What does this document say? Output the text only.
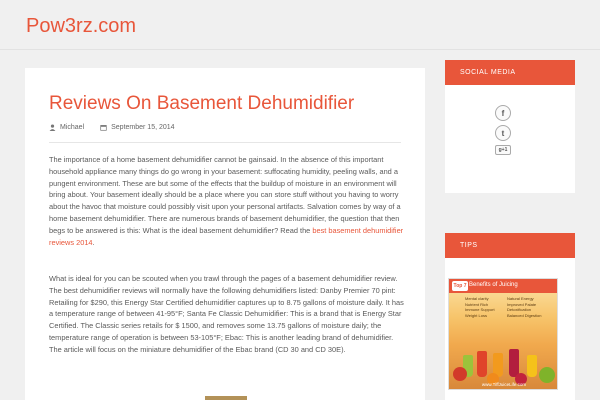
Pow3rz.com
Reviews On Basement Dehumidifier
Michael	September 15, 2014

The importance of a home basement dehumidifier cannot be gainsaid. In the absence of this important household appliance many things do go wrong in your basement: suffocating humidity, peeling walls, and a pungent environment. These are but some of the effects that the buildup of moisture in an environment will bring about. Your basement ideally should be a place where you can store stuff without you having to worry about the havoc that moisture could possibly visit upon your personal artifacts. Salvation comes by way of a home basement dehumidifier. There are numerous brands of basement dehumidifier, the question that then begs to be answered is this: What is the ideal basement dehumidifier? Read the best basement dehumidifier reviews 2014.

What is ideal for you can be scouted when you trawl through the pages of a basement dehumidifier review. The best dehumidifier reviews will normally have the following dehumidifiers listed: Danby Premier 70 pint: Retailing for $290, this Energy Star Certified dehumidifier captures up to 8.75 gallons of moisture daily. It has a temperature range of between 41-95°F; Santa Fe Classic Dehumidifier: This is a brand that is Energy Star Certified. The Classic series retails for $ 1500, and removes some 13.75 gallons of moisture daily; the temperature range of operation is between 53-105°F; Ebac: This is another leading brand of dehumidifier. The article will focus on the miniature dehumidifier of the Ebac brand (CD 30 and CD 30E).

SOCIAL MEDIA
f
t
g+1
TIPS
Benefits of Juicing
Top 7
Mental clarity
Nutrient Rich
Immune Support
Weight Loss
Natural Energy
Improved Palate
Detoxification
Balanced Digestion
www.TiffJuiceLife.com
